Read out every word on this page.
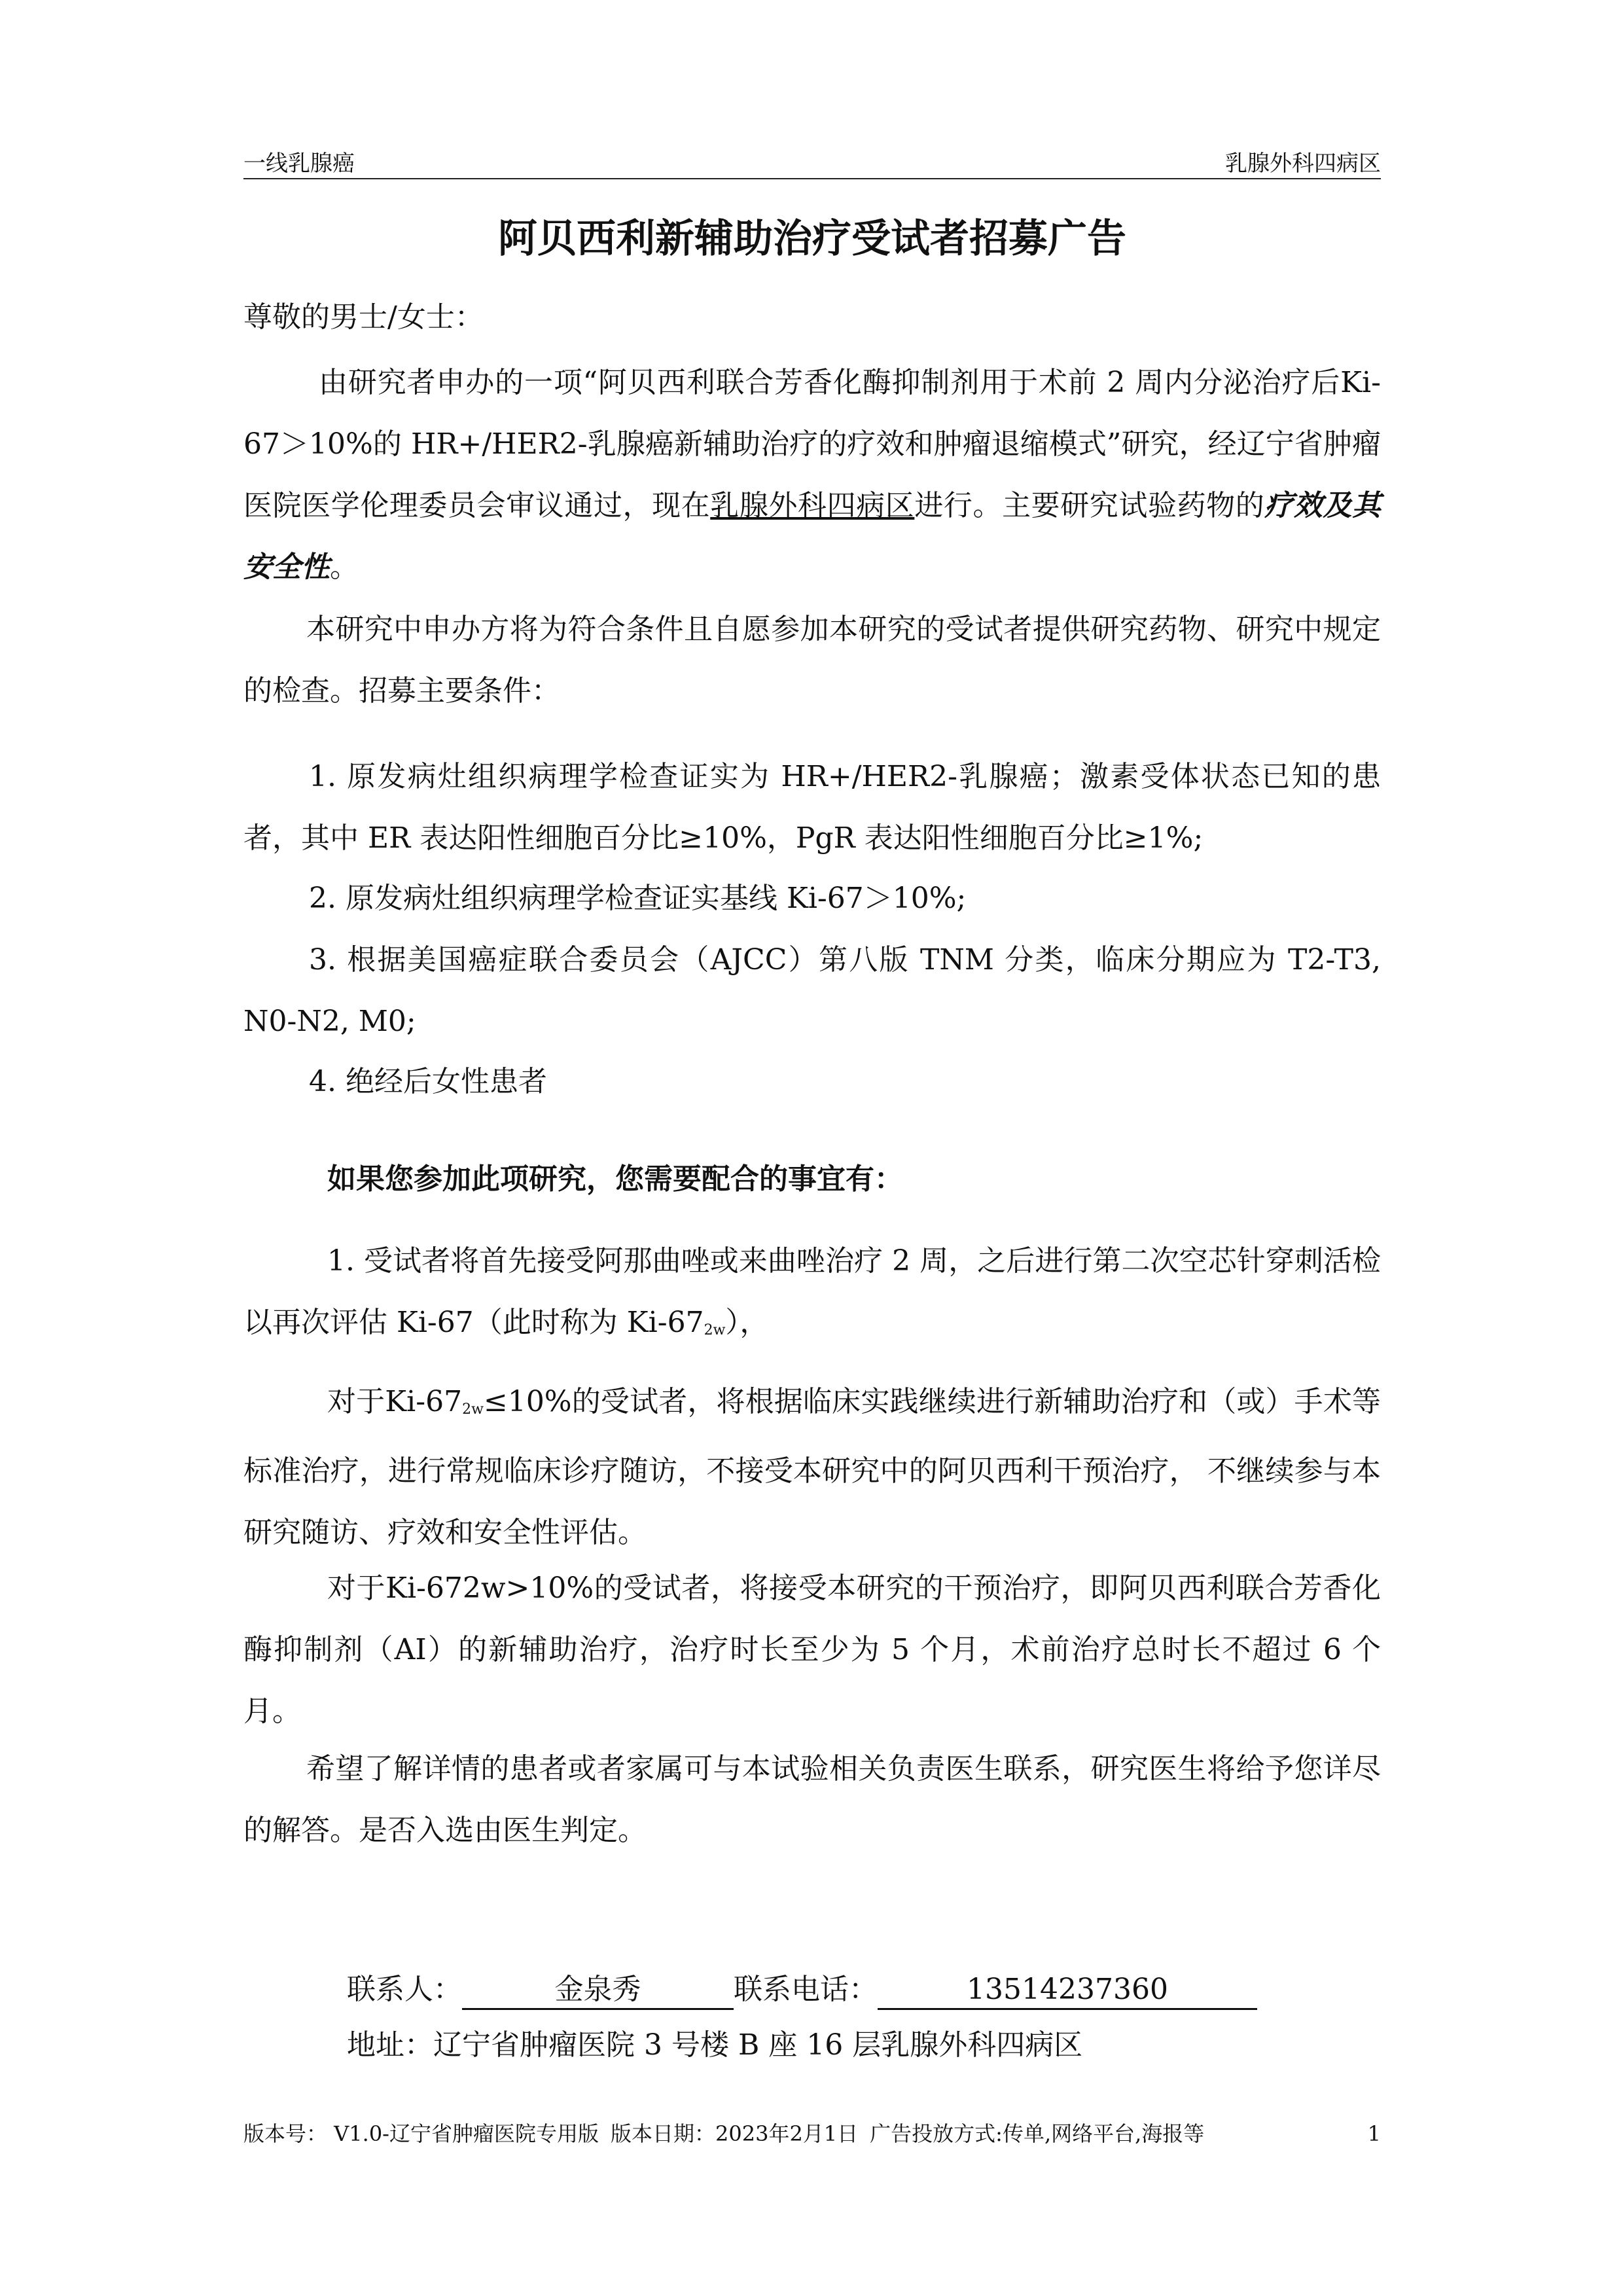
一线乳腺癌	乳腺外科四病区
阿贝西利新辅助治疗受试者招募广告
尊敬的男士/女士：
由研究者申办的一项“阿贝西利联合芳香化酶抑制剂用于术前 2 周内分泌治疗后Ki-67＞10%的 HR+/HER2-乳腺癌新辅助治疗的疗效和肿瘤退缩模式”研究，经辽宁省肿瘤医院医学伦理委员会审议通过，现在乳腺外科四病区进行。主要研究试验药物的疗效及其安全性。
本研究中申办方将为符合条件且自愿参加本研究的受试者提供研究药物、研究中规定的检查。招募主要条件：
1. 原发病灶组织病理学检查证实为 HR+/HER2-乳腺癌；激素受体状态已知的患者，其中 ER 表达阳性细胞百分比≥10%，PgR 表达阳性细胞百分比≥1%;
2. 原发病灶组织病理学检查证实基线 Ki-67＞10%;
3. 根据美国癌症联合委员会（AJCC）第八版 TNM 分类，临床分期应为 T2-T3, N0-N2, M0;
4. 绝经后女性患者
如果您参加此项研究，您需要配合的事宜有：
1. 受试者将首先接受阿那曲唑或来曲唑治疗 2 周，之后进行第二次空芯针穿刺活检以再次评估 Ki-67（此时称为 $Ki-67_{2w}$），
对于$Ki-67_{2w}\le 10\%$的受试者，将根据临床实践继续进行新辅助治疗和（或）手术等标准治疗，进行常规临床诊疗随访，不接受本研究中的阿贝西利干预治疗， 不继续参与本研究随访、疗效和安全性评估。
对于Ki-672w>10%的受试者，将接受本研究的干预治疗，即阿贝西利联合芳香化酶抑制剂（AI）的新辅助治疗，治疗时长至少为 5 个月，术前治疗总时长不超过 6 个月。
希望了解详情的患者或者家属可与本试验相关负责医生联系，研究医生将给予您详尽的解答。是否入选由医生判定。
联系人：	金泉秀	联系电话：	13514237360
地址：辽宁省肿瘤医院 3 号楼 B 座 16 层乳腺外科四病区
版本号： V1.0-辽宁省肿瘤医院专用版 版本日期：2023年2月1日 广告投放方式:传单,网络平台,海报等	1
